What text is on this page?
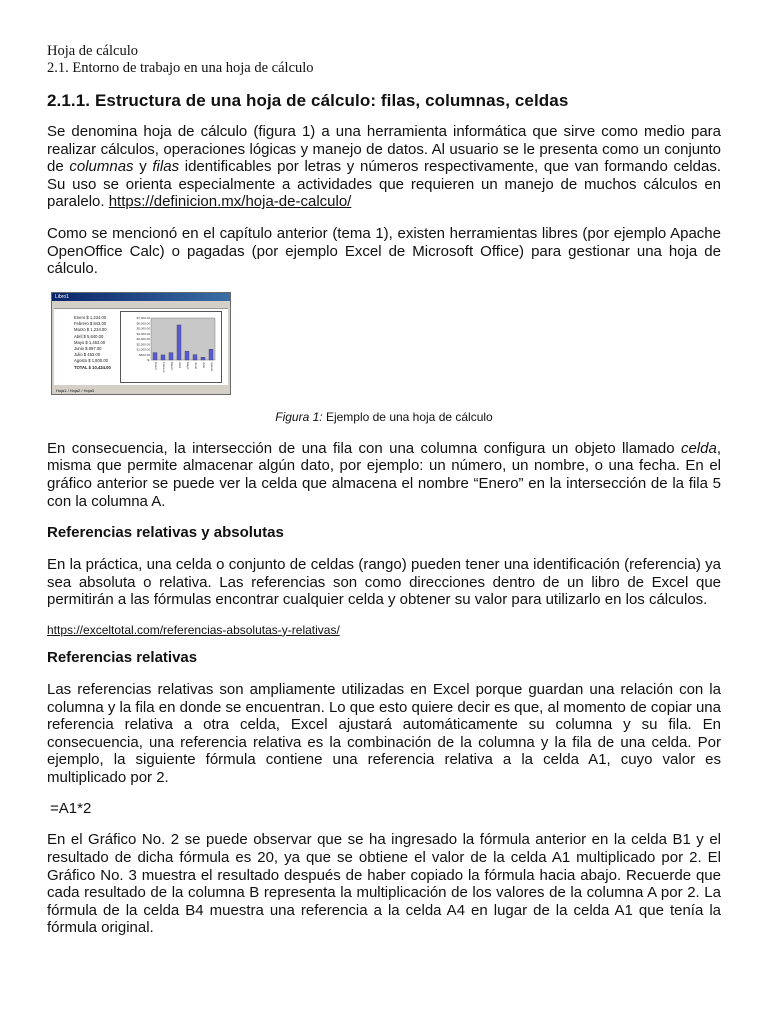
Hoja de cálculo
2.1. Entorno de trabajo en una hoja de cálculo
2.1.1. Estructura de una hoja de cálculo: filas, columnas, celdas

Se denomina hoja de cálculo (figura 1) a una herramienta informática que sirve como medio para realizar cálculos, operaciones lógicas y manejo de datos. Al usuario se le presenta como un conjunto de columnas y filas identificables por letras y números respectivamente, que van formando celdas. Su uso se orienta especialmente a actividades que requieren un manejo de muchos cálculos en paralelo. https://definicion.mx/hoja-de-calculo/

Como se mencionó en el capítulo anterior (tema 1), existen herramientas libres (por ejemplo Apache OpenOffice Calc) o pagadas (por ejemplo Excel de Microsoft Office) para gestionar una hoja de cálculo.

Libro1

Enero $ 1,234.00
Febrero $ 843.00
Marzo $ 1,234.00
Abril $ 5,840.00
Mayo $ 1,453.00
Junio $ 897.00
Julio $ 453.00
Agosto $ 1,800.00
TOTAL $ 10,434.00
$7,000.00
$6,000.00
$5,000.00
$4,000.00
$3,000.00
$2,000.00
$1,000.00
$500.00
$-
Enero Febrero Marzo Abril Mayo Junio Julio Agosto
Hoja1 / Hoja2 / Hoja3
Figura 1: Ejemplo de una hoja de cálculo

En consecuencia, la intersección de una fila con una columna configura un objeto llamado celda, misma que permite almacenar algún dato, por ejemplo: un número, un nombre, o una fecha. En el gráfico anterior se puede ver la celda que almacena el nombre “Enero” en la intersección de la fila 5 con la columna A.

Referencias relativas y absolutas

En la práctica, una celda o conjunto de celdas (rango) pueden tener una identificación (referencia) ya sea absoluta o relativa. Las referencias son como direcciones dentro de un libro de Excel que permitirán a las fórmulas encontrar cualquier celda y obtener su valor para utilizarlo en los cálculos.

https://exceltotal.com/referencias-absolutas-y-relativas/
Referencias relativas

Las referencias relativas son ampliamente utilizadas en Excel porque guardan una relación con la columna y la fila en donde se encuentran. Lo que esto quiere decir es que, al momento de copiar una referencia relativa a otra celda, Excel ajustará automáticamente su columna y su fila. En consecuencia, una referencia relativa es la combinación de la columna y la fila de una celda. Por ejemplo, la siguiente fórmula contiene una referencia relativa a la celda A1, cuyo valor es multiplicado por 2.

=A1*2

En el Gráfico No. 2 se puede observar que se ha ingresado la fórmula anterior en la celda B1 y el resultado de dicha fórmula es 20, ya que se obtiene el valor de la celda A1 multiplicado por 2. El Gráfico No. 3 muestra el resultado después de haber copiado la fórmula hacia abajo. Recuerde que cada resultado de la columna B representa la multiplicación de los valores de la columna A por 2. La fórmula de la celda B4 muestra una referencia a la celda A4 en lugar de la celda A1 que tenía la fórmula original.
